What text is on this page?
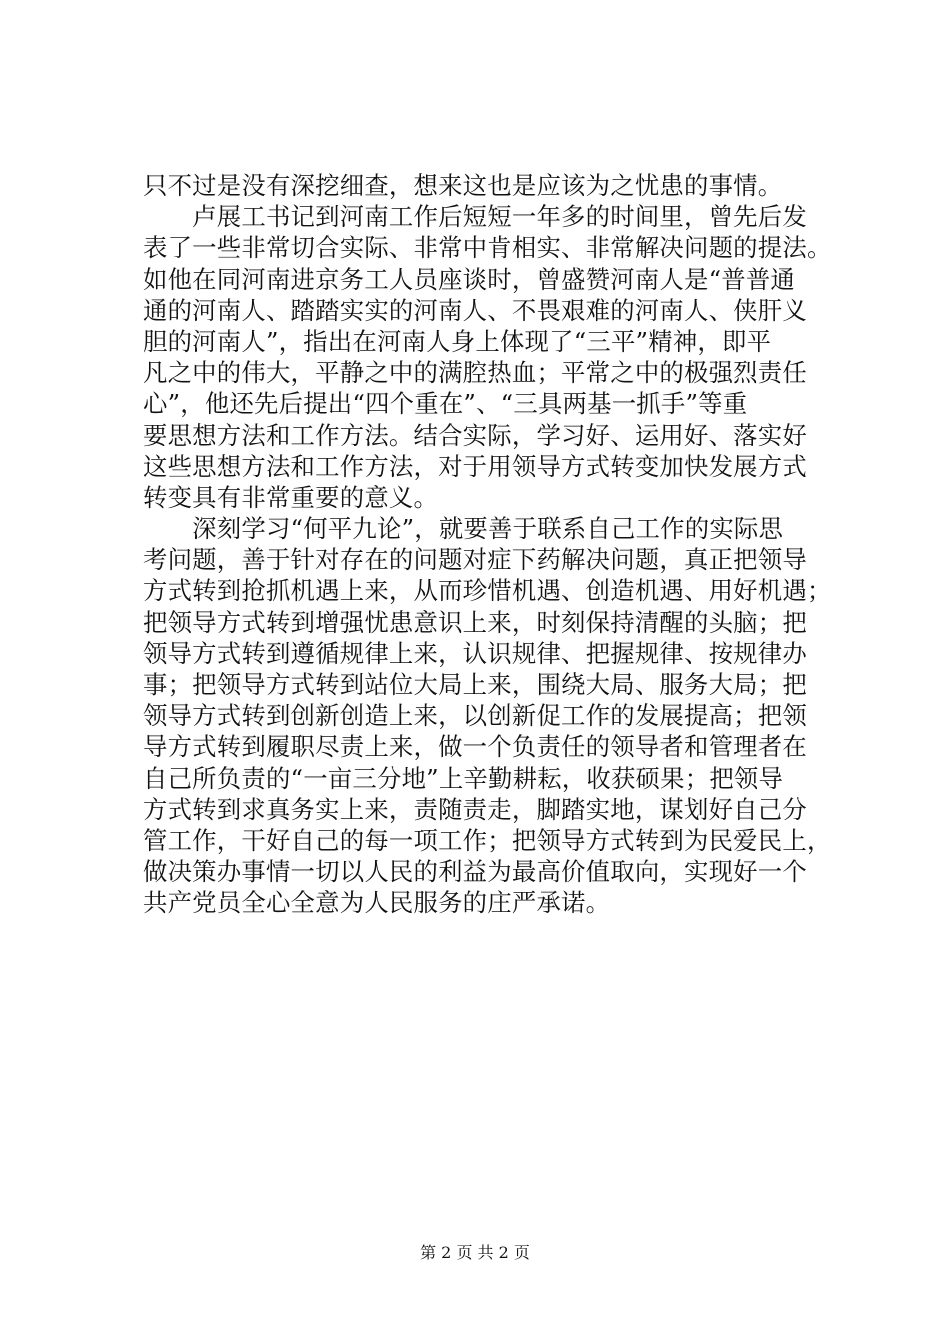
只不过是没有深挖细查，想来这也是应该为之忧患的事情。
　　卢展工书记到河南工作后短短一年多的时间里，曾先后发
表了一些非常切合实际、非常中肯相实、非常解决问题的提法。
如他在同河南进京务工人员座谈时，曾盛赞河南人是“普普通
通的河南人、踏踏实实的河南人、不畏艰难的河南人、侠肝义
胆的河南人”，指出在河南人身上体现了“三平”精神，即平
凡之中的伟大，平静之中的满腔热血；平常之中的极强烈责任
心”，他还先后提出“四个重在”、“三具两基一抓手”等重
要思想方法和工作方法。结合实际，学习好、运用好、落实好
这些思想方法和工作方法，对于用领导方式转变加快发展方式
转变具有非常重要的意义。
　　深刻学习“何平九论”，就要善于联系自己工作的实际思
考问题，善于针对存在的问题对症下药解决问题，真正把领导
方式转到抢抓机遇上来，从而珍惜机遇、创造机遇、用好机遇；
把领导方式转到增强忧患意识上来，时刻保持清醒的头脑；把
领导方式转到遵循规律上来，认识规律、把握规律、按规律办
事；把领导方式转到站位大局上来，围绕大局、服务大局；把
领导方式转到创新创造上来，以创新促工作的发展提高；把领
导方式转到履职尽责上来，做一个负责任的领导者和管理者在
自己所负责的“一亩三分地”上辛勤耕耘，收获硕果；把领导
方式转到求真务实上来，责随责走，脚踏实地，谋划好自己分
管工作，干好自己的每一项工作；把领导方式转到为民爱民上，
做决策办事情一切以人民的利益为最高价值取向，实现好一个
共产党员全心全意为人民服务的庄严承诺。
第 2 页 共 2 页
